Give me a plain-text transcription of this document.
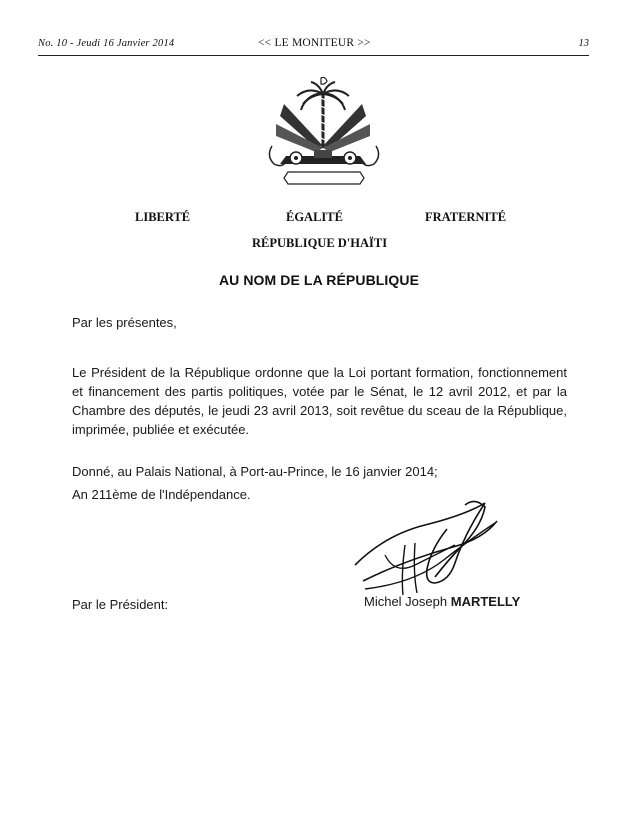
No. 10 - Jeudi 16 Janvier 2014	<< LE MONITEUR >>	13
LIBERTÉ	ÉGALITÉ	FRATERNITÉ
RÉPUBLIQUE D'HAÏTI
AU NOM DE LA RÉPUBLIQUE
Par les présentes,
Le Président de la République ordonne que la Loi portant formation, fonctionnement et financement des partis politiques, votée par le Sénat, le 12 avril 2012, et par la Chambre des députés, le jeudi 23 avril 2013, soit revêtue du sceau de la République, imprimée, publiée et exécutée.
Donné, au Palais National, à Port-au-Prince, le 16 janvier 2014;
An 211ème de l'Indépendance.
Par le Président:	Michel Joseph MARTELLY
